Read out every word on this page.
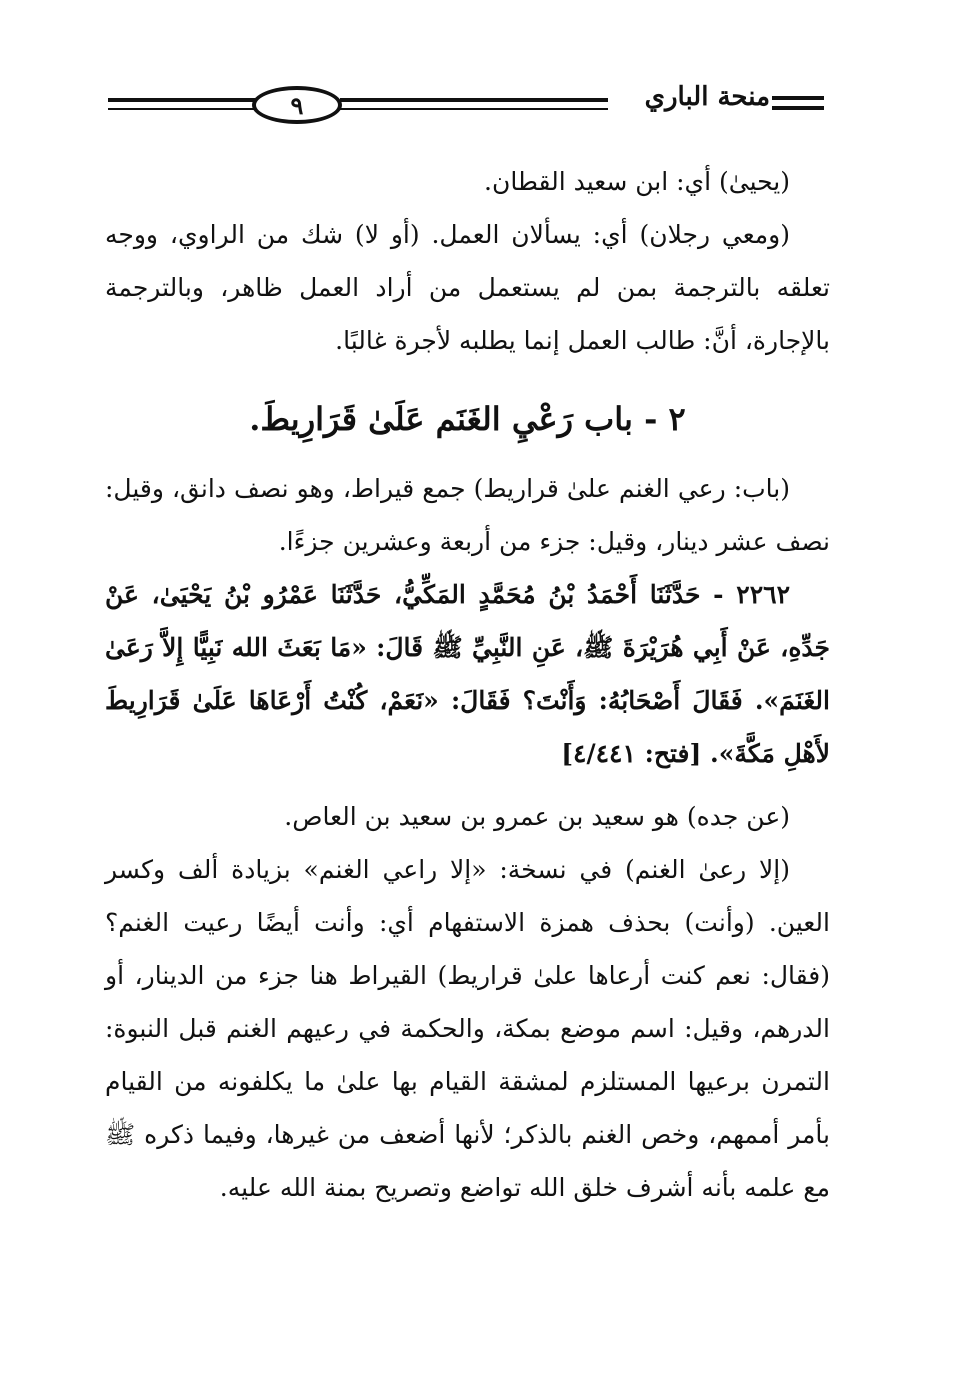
٩	منحة الباري

(يحيىٰ) أي: ابن سعيد القطان.

(ومعي رجلان) أي: يسألان العمل. (أو لا) شك من الراوي، ووجه تعلقه بالترجمة بمن لم يستعمل من أراد العمل ظاهر، وبالترجمة بالإجارة، أنَّ: طالب العمل إنما يطلبه لأجرة غالبًا.

٢ - باب رَعْيِ الغَنَم عَلَىٰ قَرَارِيطَ.

(باب: رعي الغنم علىٰ قراريط) جمع قيراط، وهو نصف دانق، وقيل: نصف عشر دينار، وقيل: جزء من أربعة وعشرين جزءًا.

٢٢٦٢ - حَدَّثَنَا أَحْمَدُ بْنُ مُحَمَّدٍ المَكِّيُّ، حَدَّثَنَا عَمْرُو بْنُ يَحْيَىٰ، عَنْ جَدِّهِ، عَنْ أَبِي هُرَيْرَةَ ﷺ، عَنِ النَّبِيِّ ﷺ قَالَ: «مَا بَعَثَ الله نَبِيًّا إِلاَّ رَعَىٰ الغَنَمَ». فَقَالَ أَصْحَابُهُ: وَأَنْتَ؟ فَقَالَ: «نَعَمْ، كُنْتُ أَرْعَاهَا عَلَىٰ قَرَارِيطَ لأَهْلِ مَكَّةَ». [فتح: ٤/٤٤١]

(عن جده) هو سعيد بن عمرو بن سعيد بن العاص.

(إلا رعىٰ الغنم) في نسخة: «إلا راعي الغنم» بزيادة ألف وكسر العين. (وأنت) بحذف همزة الاستفهام أي: وأنت أيضًا رعيت الغنم؟ (فقال: نعم كنت أرعاها علىٰ قراريط) القيراط هنا جزء من الدينار، أو الدرهم، وقيل: اسم موضع بمكة، والحكمة في رعيهم الغنم قبل النبوة: التمرن برعيها المستلزم لمشقة القيام بها علىٰ ما يكلفونه من القيام بأمر أممهم، وخص الغنم بالذكر؛ لأنها أضعف من غيرها، وفيما ذكره ﷺ مع علمه بأنه أشرف خلق الله تواضع وتصريح بمنة الله عليه.
